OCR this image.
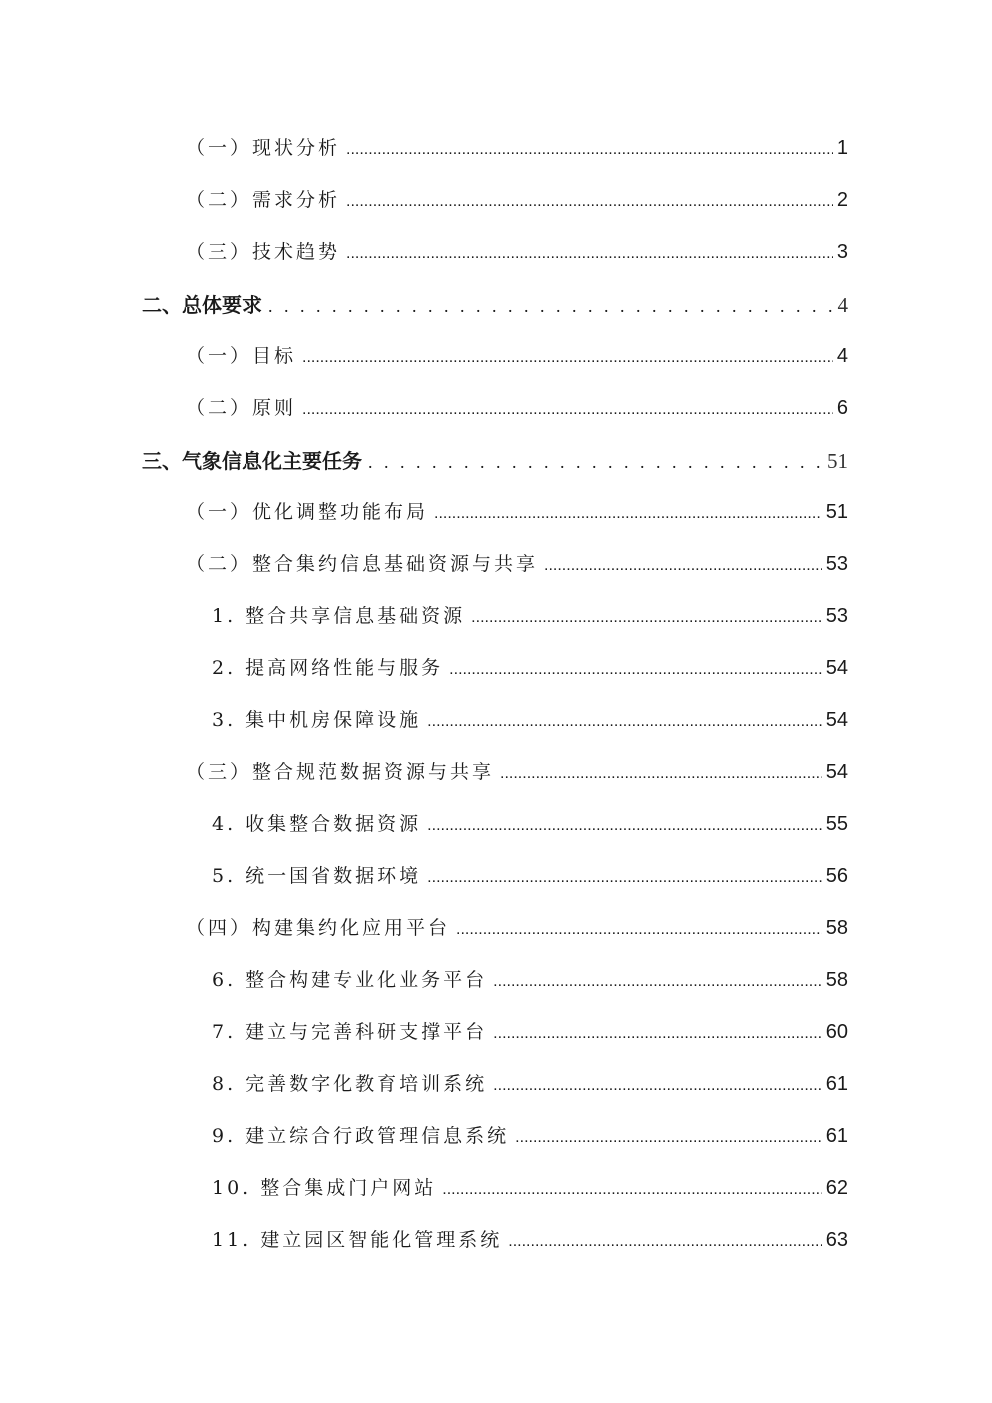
（一）现状分析 .....	1
（二）需求分析 .....	2
（三）技术趋势 .....	3
二、总体要求 . . .	4
（一）目标 .....	4
（二）原则 .....	6
三、气象信息化主要任务 . . .	51
（一）优化调整功能布局 .....	51
（二）整合集约信息基础资源与共享 .....	53
1. 整合共享信息基础资源 .....	53
2. 提高网络性能与服务 .....	54
3. 集中机房保障设施 .....	54
（三）整合规范数据资源与共享 .....	54
4. 收集整合数据资源 .....	55
5. 统一国省数据环境 .....	56
（四）构建集约化应用平台 .....	58
6. 整合构建专业化业务平台 .....	58
7. 建立与完善科研支撑平台 .....	60
8. 完善数字化教育培训系统 .....	61
9. 建立综合行政管理信息系统 .....	61
10. 整合集成门户网站 .....	62
11. 建立园区智能化管理系统 .....	63
